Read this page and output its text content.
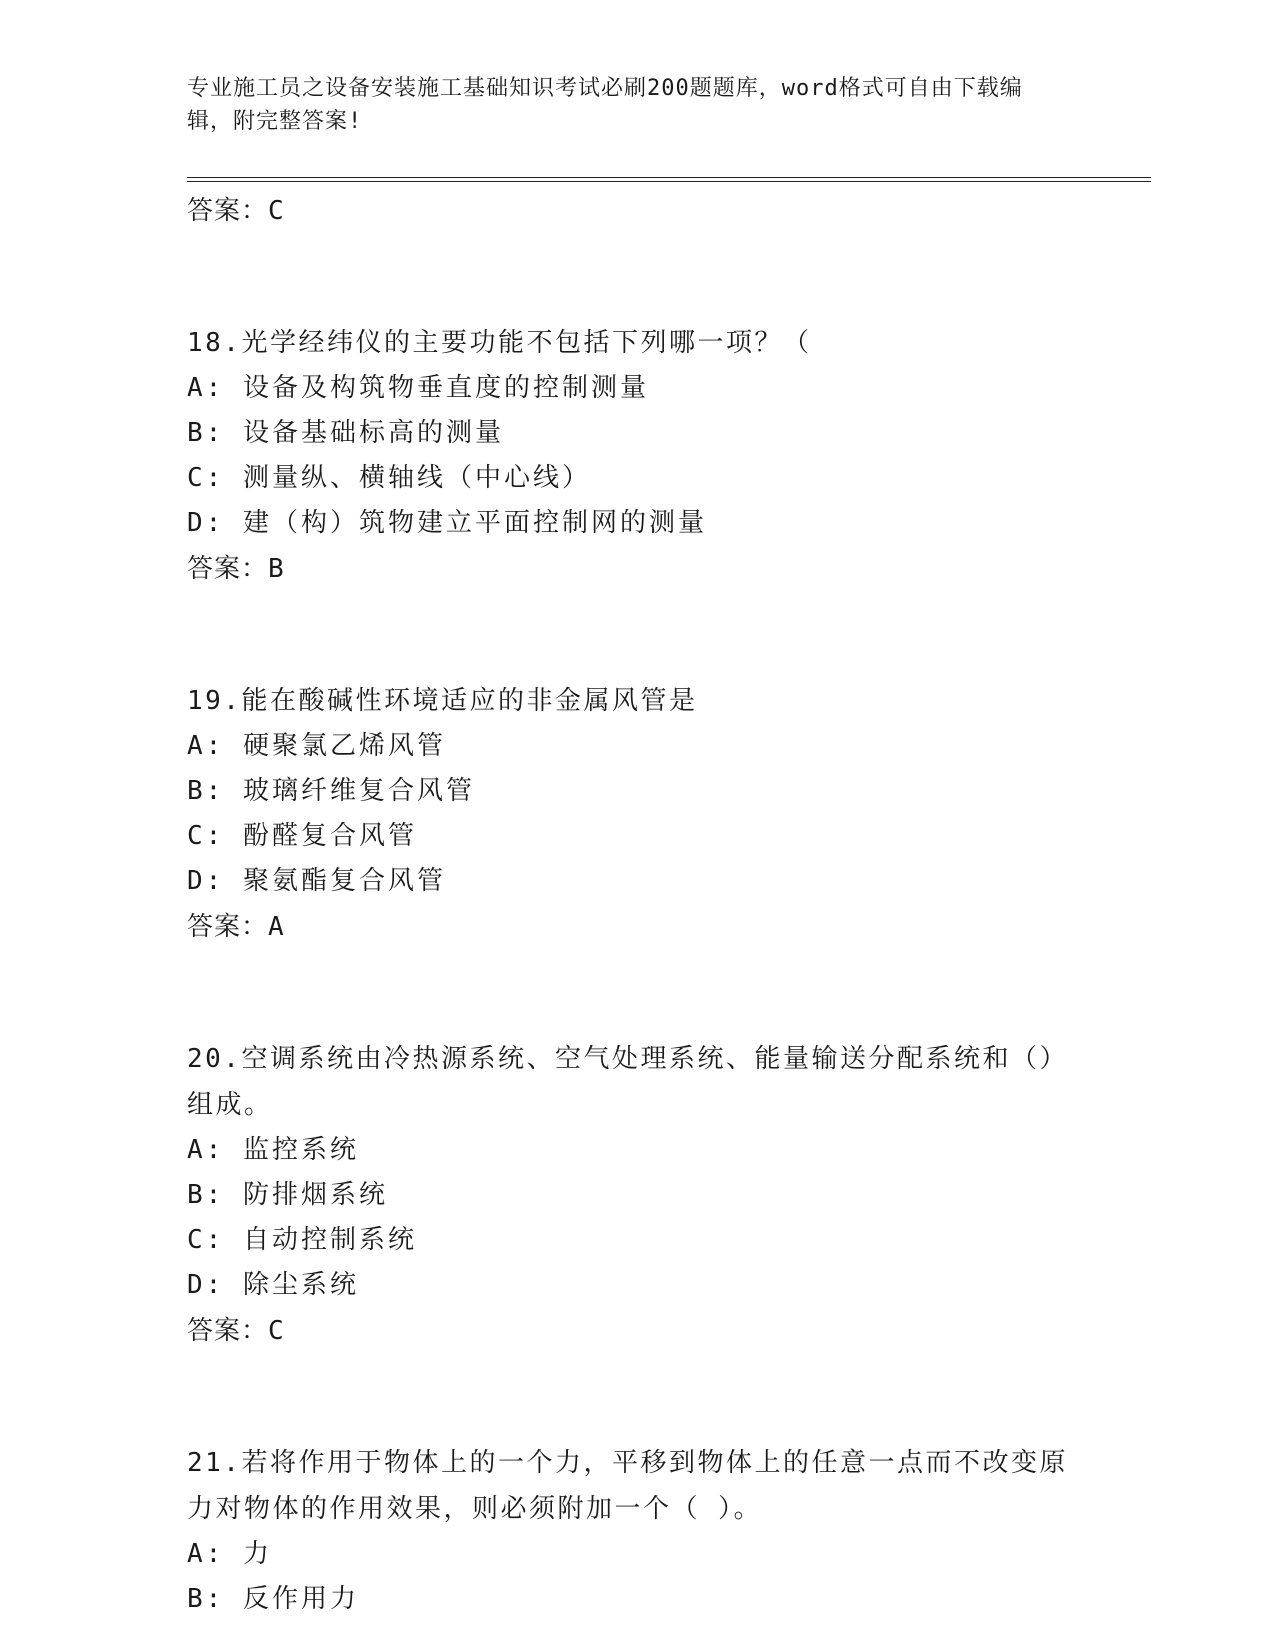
专业施工员之设备安装施工基础知识考试必刷200题题库，word格式可自由下载编辑，附完整答案!
答案：C
18.光学经纬仪的主要功能不包括下列哪一项？（
A: 设备及构筑物垂直度的控制测量
B: 设备基础标高的测量
C: 测量纵、横轴线（中心线）
D: 建（构）筑物建立平面控制网的测量
答案：B
19.能在酸碱性环境适应的非金属风管是
A: 硬聚氯乙烯风管
B: 玻璃纤维复合风管
C: 酚醛复合风管
D: 聚氨酯复合风管
答案：A
20.空调系统由冷热源系统、空气处理系统、能量输送分配系统和（）组成。
A: 监控系统
B: 防排烟系统
C: 自动控制系统
D: 除尘系统
答案：C
21.若将作用于物体上的一个力，平移到物体上的任意一点而不改变原力对物体的作用效果，则必须附加一个（ ）。
A: 力
B: 反作用力
